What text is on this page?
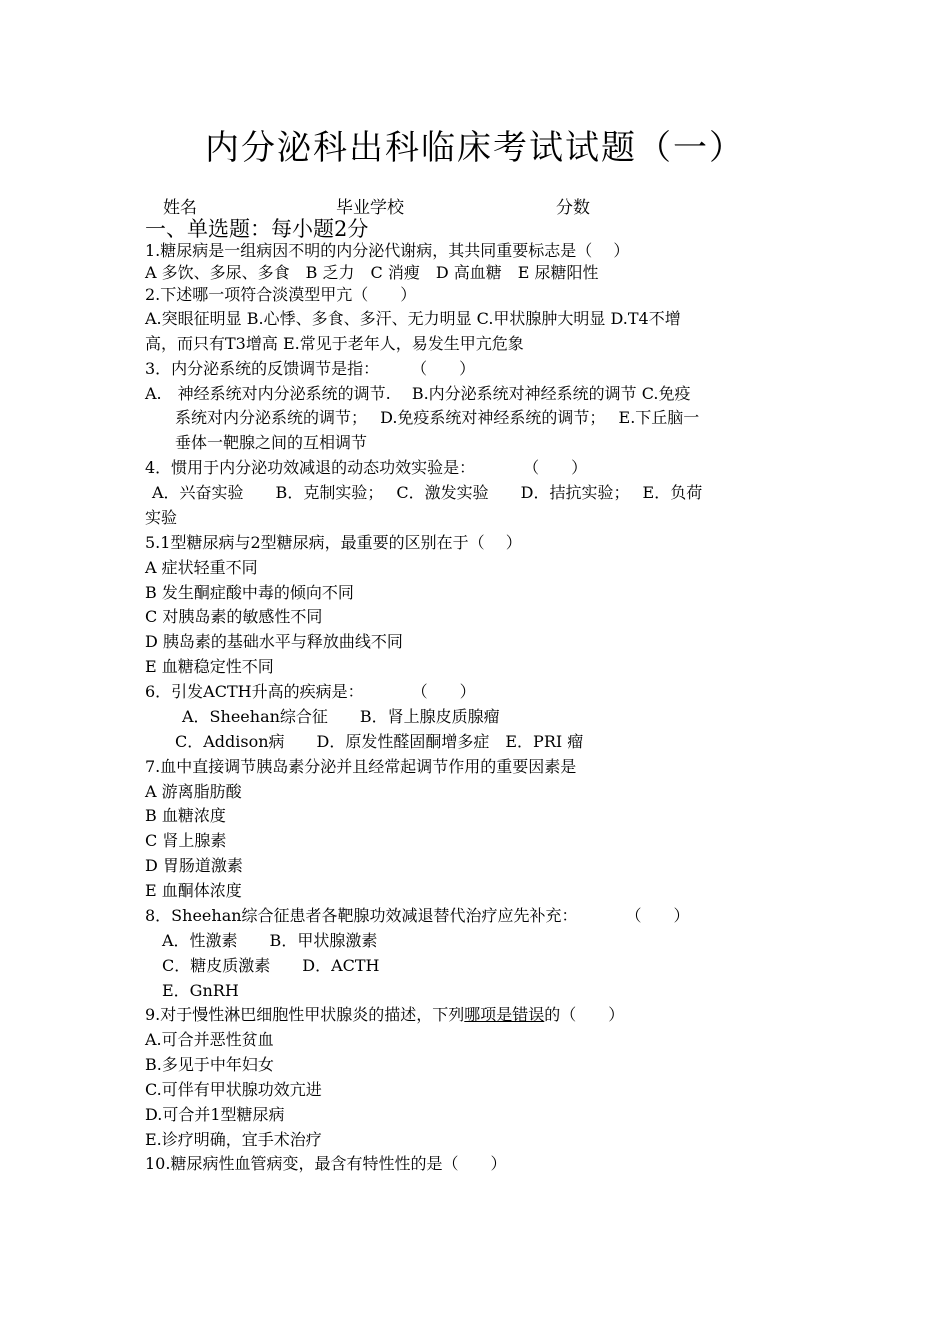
内分泌科出科临床考试试题（一）
姓名	毕业学校	分数
一、单选题：每小题2分
1.糖尿病是一组病因不明的内分泌代谢病，其共同重要标志是（　 ）
A 多饮、多尿、多食　B 乏力　C 消瘦　D 高血糖　E 尿糖阳性
2.下述哪一项符合淡漠型甲亢（　　）
A.突眼征明显 B.心悸、多食、多汗、无力明显 C.甲状腺肿大明显 D.T4不增
高，而只有T3增高 E.常见于老年人，易发生甲亢危象
3．内分泌系统的反馈调节是指：　　　（　　）
A.　神经系统对内分泌系统的调节.　 B.内分泌系统对神经系统的调节 C.免疫
系统对内分泌系统的调节；　 D.免疫系统对神经系统的调节；　 E.下丘脑一
垂体一靶腺之间的互相调节
4．惯用于内分泌功效减退的动态功效实验是：　　　　（　　）
A．兴奋实验　　B．克制实验；　 C．激发实验　　D．拮抗实验；　 E．负荷
实验
5.1型糖尿病与2型糖尿病，最重要的区别在于（　 ）
A 症状轻重不同
B 发生酮症酸中毒的倾向不同
C 对胰岛素的敏感性不同
D 胰岛素的基础水平与释放曲线不同
E 血糖稳定性不同
6．引发ACTH升高的疾病是：　　　　（　　）
A．Sheehan综合征　　B．肾上腺皮质腺瘤
C．Addison病　　D．原发性醛固酮增多症　E．PRI 瘤
7.血中直接调节胰岛素分泌并且经常起调节作用的重要因素是
A 游离脂肪酸
B 血糖浓度
C 肾上腺素
D 胃肠道激素
E 血酮体浓度
8．Sheehan综合征患者各靶腺功效减退替代治疗应先补充：　　　　（　　）
A．性激素　　B．甲状腺激素
C．糖皮质激素　　D．ACTH
E．GnRH
9.对于慢性淋巴细胞性甲状腺炎的描述，下列哪项是错误的（　　）
A.可合并恶性贫血
B.多见于中年妇女
C.可伴有甲状腺功效亢进
D.可合并1型糖尿病
E.诊疗明确，宜手术治疗
10.糖尿病性血管病变，最含有特性性的是（　　）
